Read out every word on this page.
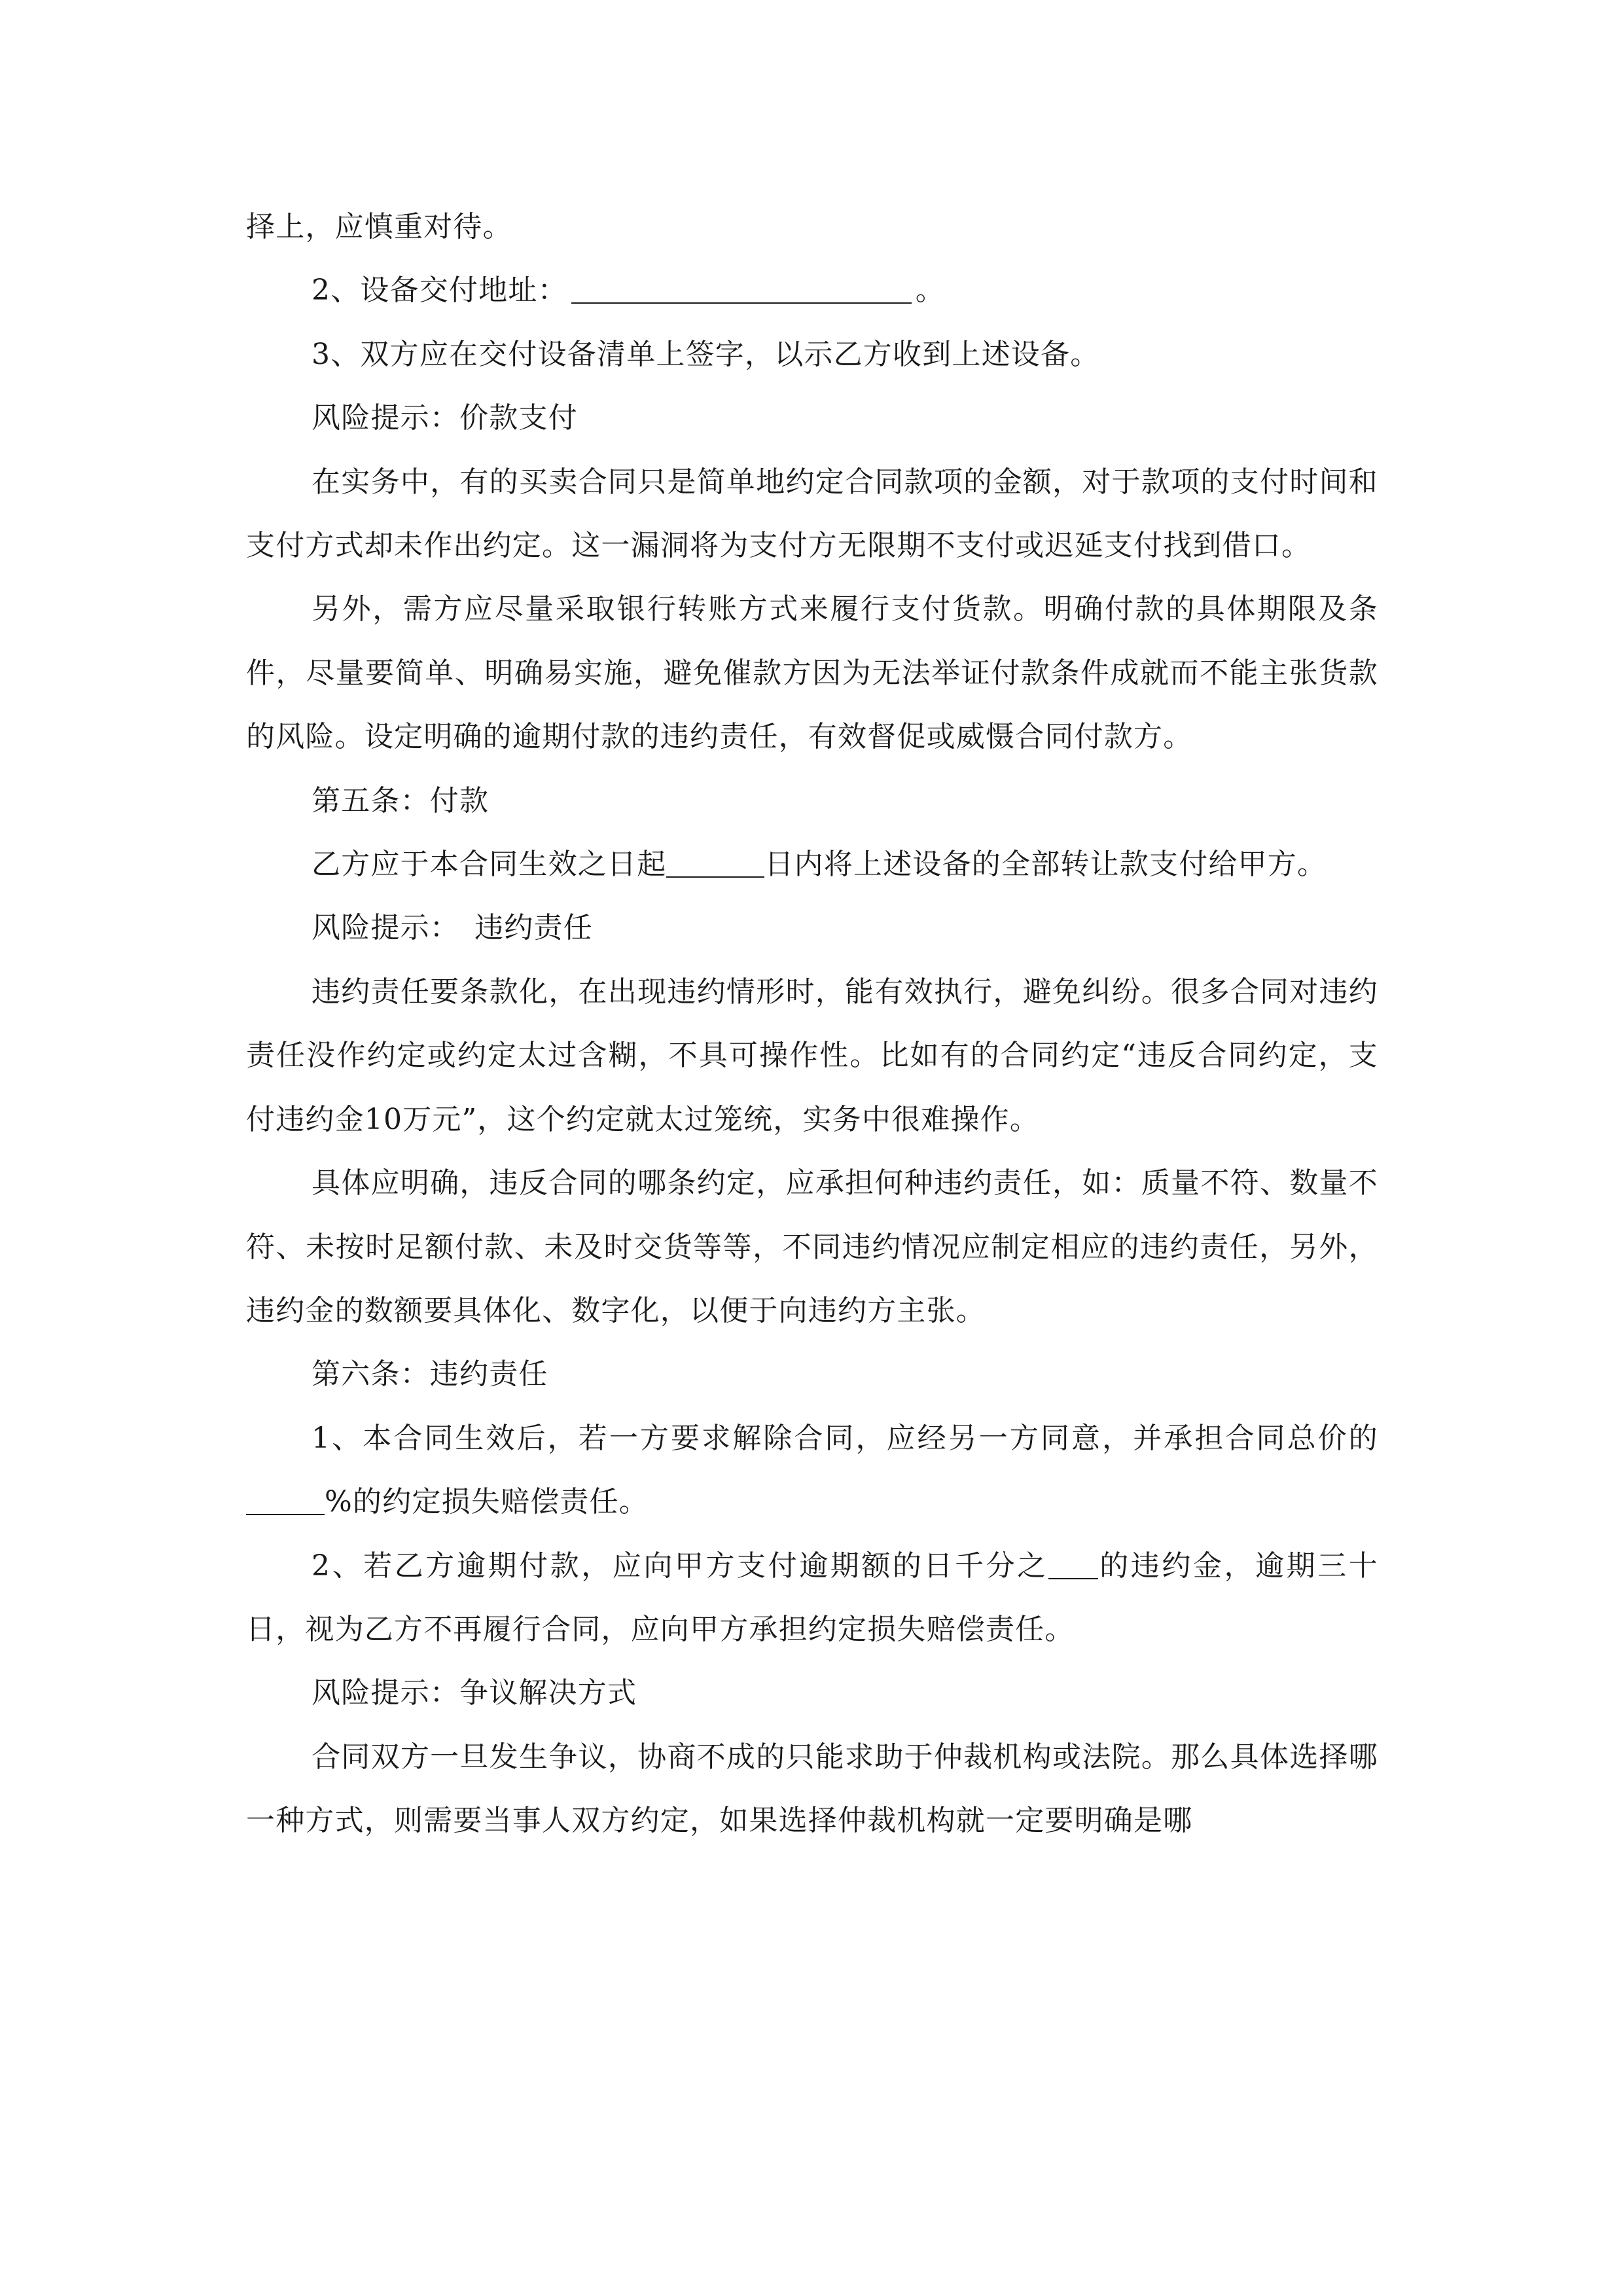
择上，应慎重对待。

2、设备交付地址：	。

3、双方应在交付设备清单上签字，以示乙方收到上述设备。

风险提示：价款支付

在实务中，有的买卖合同只是简单地约定合同款项的金额，对于款项的支付时间和支付方式却未作出约定。这一漏洞将为支付方无限期不支付或迟延支付找到借口。

另外，需方应尽量采取银行转账方式来履行支付货款。明确付款的具体期限及条件，尽量要简单、明确易实施，避免催款方因为无法举证付款条件成就而不能主张货款的风险。设定明确的逾期付款的违约责任，有效督促或威慑合同付款方。

第五条：付款

乙方应于本合同生效之日起	日内将上述设备的全部转让款支付给甲方。

风险提示：　违约责任

违约责任要条款化，在出现违约情形时，能有效执行，避免纠纷。很多合同对违约责任没作约定或约定太过含糊，不具可操作性。比如有的合同约定“违反合同约定，支付违约金10万元”，这个约定就太过笼统，实务中很难操作。

具体应明确，违反合同的哪条约定，应承担何种违约责任，如：质量不符、数量不符、未按时足额付款、未及时交货等等，不同违约情况应制定相应的违约责任，另外，违约金的数额要具体化、数字化，以便于向违约方主张。

第六条：违约责任

1、本合同生效后，若一方要求解除合同，应经另一方同意，并承担合同总价的%的约定损失赔偿责任。

2、若乙方逾期付款，应向甲方支付逾期额的日千分之 的违约金，逾期三十日，视为乙方不再履行合同，应向甲方承担约定损失赔偿责任。

风险提示：争议解决方式

合同双方一旦发生争议，协商不成的只能求助于仲裁机构或法院。那么具体选择哪一种方式，则需要当事人双方约定，如果选择仲裁机构就一定要明确是哪
